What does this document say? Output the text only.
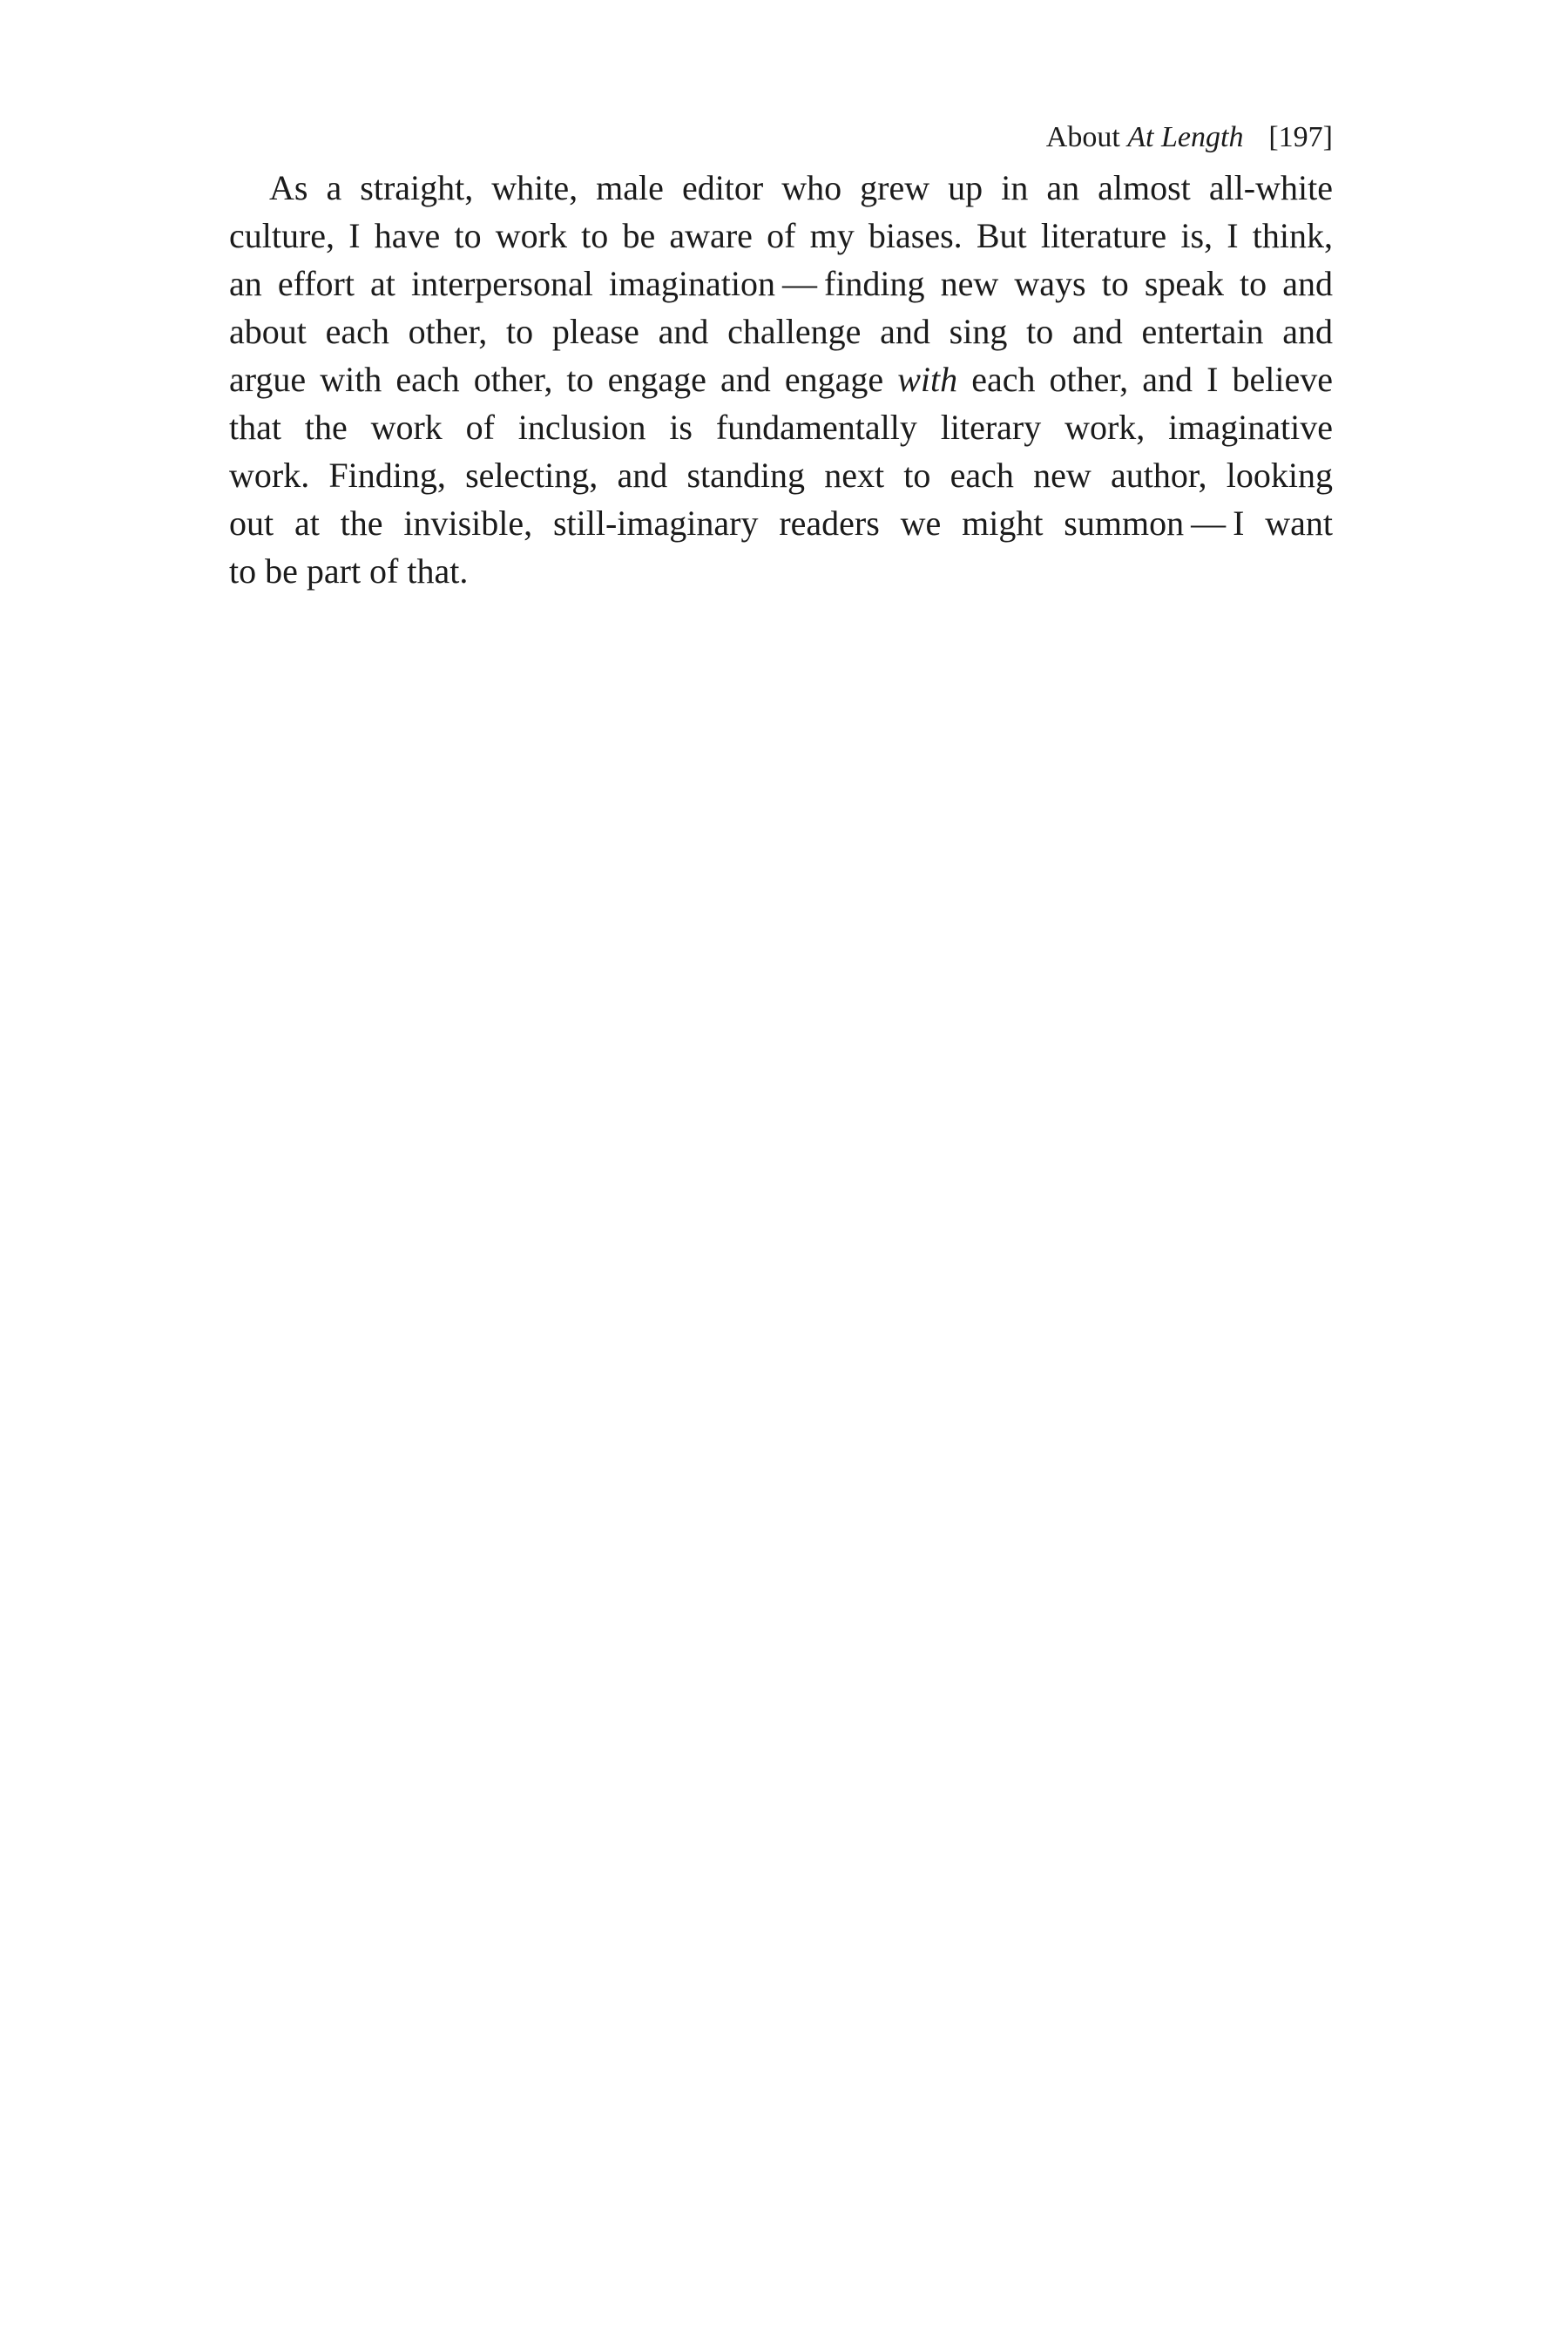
About At Length [197]
As a straight, white, male editor who grew up in an almost all-white
culture, I have to work to be aware of my biases. But literature is, I think,
an effort at interpersonal imagination — finding new ways to speak to and
about each other, to please and challenge and sing to and entertain and
argue with each other, to engage and engage with each other, and I believe
that the work of inclusion is fundamentally literary work, imaginative
work. Finding, selecting, and standing next to each new author, looking
out at the invisible, still-imaginary readers we might summon — I want
to be part of that.
